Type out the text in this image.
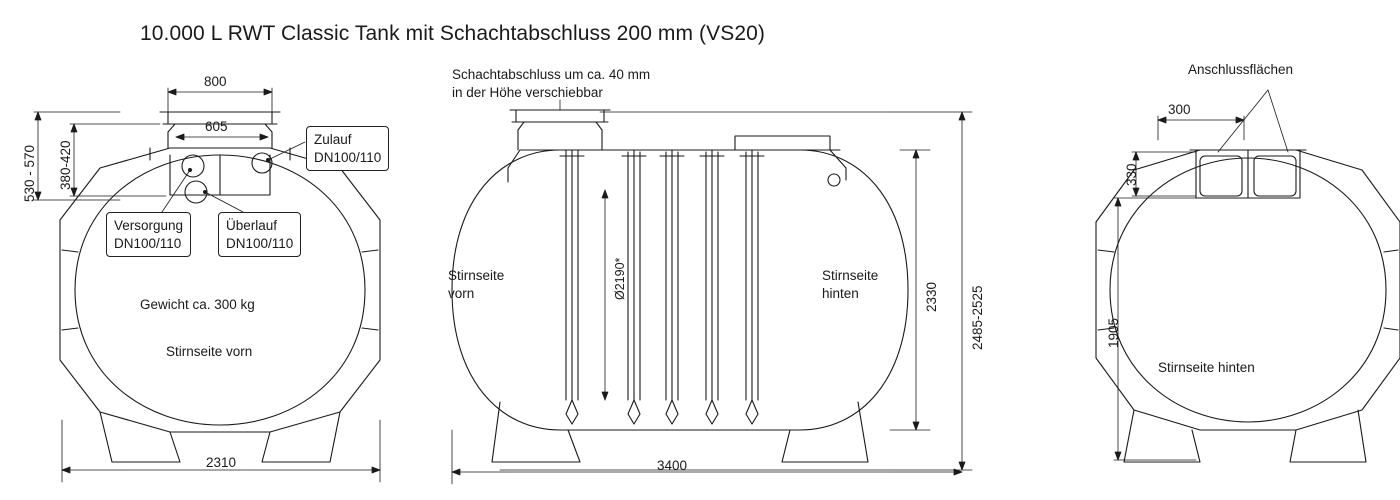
10.000 L RWT Classic Tank mit Schachtabschluss 200 mm (VS20)
800
605
530 - 570 380-420
2310
Zulauf
DN100/110
Versorgung
DN100/110
Überlauf
DN100/110
Gewicht ca. 300 kg
Stirnseite vorn
Schachtabschluss um ca. 40 mm
in der Höhe verschiebbar
Stirnseite
vorn
Stirnseite
hinten
Ø2190*	2330 2485-2525
3400
Anschlussflächen
300
330
1905
Stirnseite hinten
